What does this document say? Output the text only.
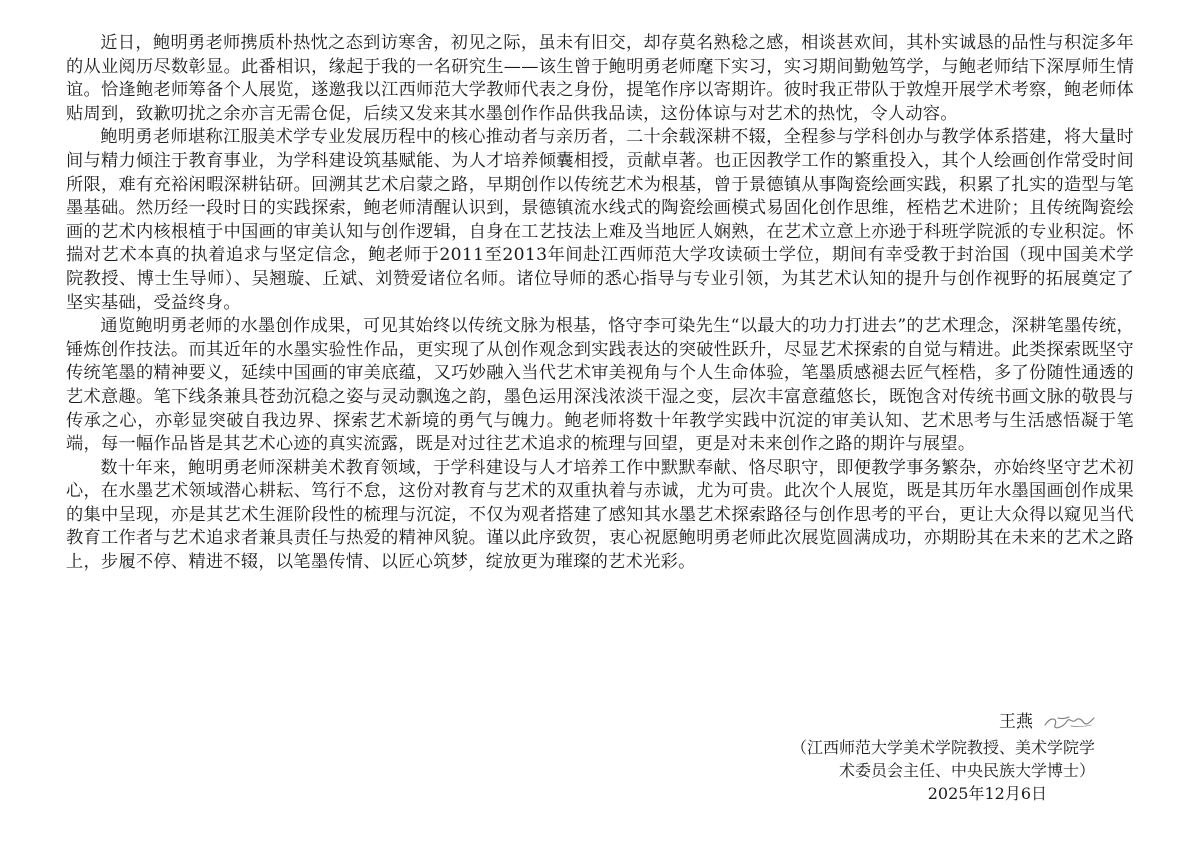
近日，鲍明勇老师携质朴热忱之态到访寒舍，初见之际，虽未有旧交，却存莫名熟稔之感，相谈甚欢间，其朴实诚恳的品性与积淀多年的从业阅历尽数彰显。此番相识，缘起于我的一名研究生——该生曾于鲍明勇老师麾下实习，实习期间勤勉笃学，与鲍老师结下深厚师生情谊。恰逢鲍老师筹备个人展览，遂邀我以江西师范大学教师代表之身份，提笔作序以寄期许。彼时我正带队于敦煌开展学术考察，鲍老师体贴周到，致歉叨扰之余亦言无需仓促，后续又发来其水墨创作作品供我品读，这份体谅与对艺术的热忱，令人动容。

鲍明勇老师堪称江服美术学专业发展历程中的核心推动者与亲历者，二十余载深耕不辍，全程参与学科创办与教学体系搭建，将大量时间与精力倾注于教育事业，为学科建设筑基赋能、为人才培养倾囊相授，贡献卓著。也正因教学工作的繁重投入，其个人绘画创作常受时间所限，难有充裕闲暇深耕钻研。回溯其艺术启蒙之路，早期创作以传统艺术为根基，曾于景德镇从事陶瓷绘画实践，积累了扎实的造型与笔墨基础。然历经一段时日的实践探索，鲍老师清醒认识到，景德镇流水线式的陶瓷绘画模式易固化创作思维，桎梏艺术进阶；且传统陶瓷绘画的艺术内核根植于中国画的审美认知与创作逻辑，自身在工艺技法上难及当地匠人娴熟，在艺术立意上亦逊于科班学院派的专业积淀。怀揣对艺术本真的执着追求与坚定信念，鲍老师于2011至2013年间赴江西师范大学攻读硕士学位，期间有幸受教于封治国（现中国美术学院教授、博士生导师）、吴翘璇、丘斌、刘赞爱诸位名师。诸位导师的悉心指导与专业引领，为其艺术认知的提升与创作视野的拓展奠定了坚实基础，受益终身。

通览鲍明勇老师的水墨创作成果，可见其始终以传统文脉为根基，恪守李可染先生“以最大的功力打进去”的艺术理念，深耕笔墨传统，锤炼创作技法。而其近年的水墨实验性作品，更实现了从创作观念到实践表达的突破性跃升，尽显艺术探索的自觉与精进。此类探索既坚守传统笔墨的精神要义，延续中国画的审美底蕴，又巧妙融入当代艺术审美视角与个人生命体验，笔墨质感褪去匠气桎梏，多了份随性通透的艺术意趣。笔下线条兼具苍劲沉稳之姿与灵动飘逸之韵，墨色运用深浅浓淡干湿之变，层次丰富意蕴悠长，既饱含对传统书画文脉的敬畏与传承之心，亦彰显突破自我边界、探索艺术新境的勇气与魄力。鲍老师将数十年教学实践中沉淀的审美认知、艺术思考与生活感悟凝于笔端，每一幅作品皆是其艺术心迹的真实流露，既是对过往艺术追求的梳理与回望，更是对未来创作之路的期许与展望。

数十年来，鲍明勇老师深耕美术教育领域，于学科建设与人才培养工作中默默奉献、恪尽职守，即便教学事务繁杂，亦始终坚守艺术初心，在水墨艺术领域潜心耕耘、笃行不怠，这份对教育与艺术的双重执着与赤诚，尤为可贵。此次个人展览，既是其历年水墨国画创作成果的集中呈现，亦是其艺术生涯阶段性的梳理与沉淀，不仅为观者搭建了感知其水墨艺术探索路径与创作思考的平台，更让大众得以窥见当代教育工作者与艺术追求者兼具责任与热爱的精神风貌。谨以此序致贺，衷心祝愿鲍明勇老师此次展览圆满成功，亦期盼其在未来的艺术之路上，步履不停、精进不辍，以笔墨传情、以匠心筑梦，绽放更为璀璨的艺术光彩。

王燕
（江西师范大学美术学院教授、美术学院学
术委员会主任、中央民族大学博士）
2025年12月6日
